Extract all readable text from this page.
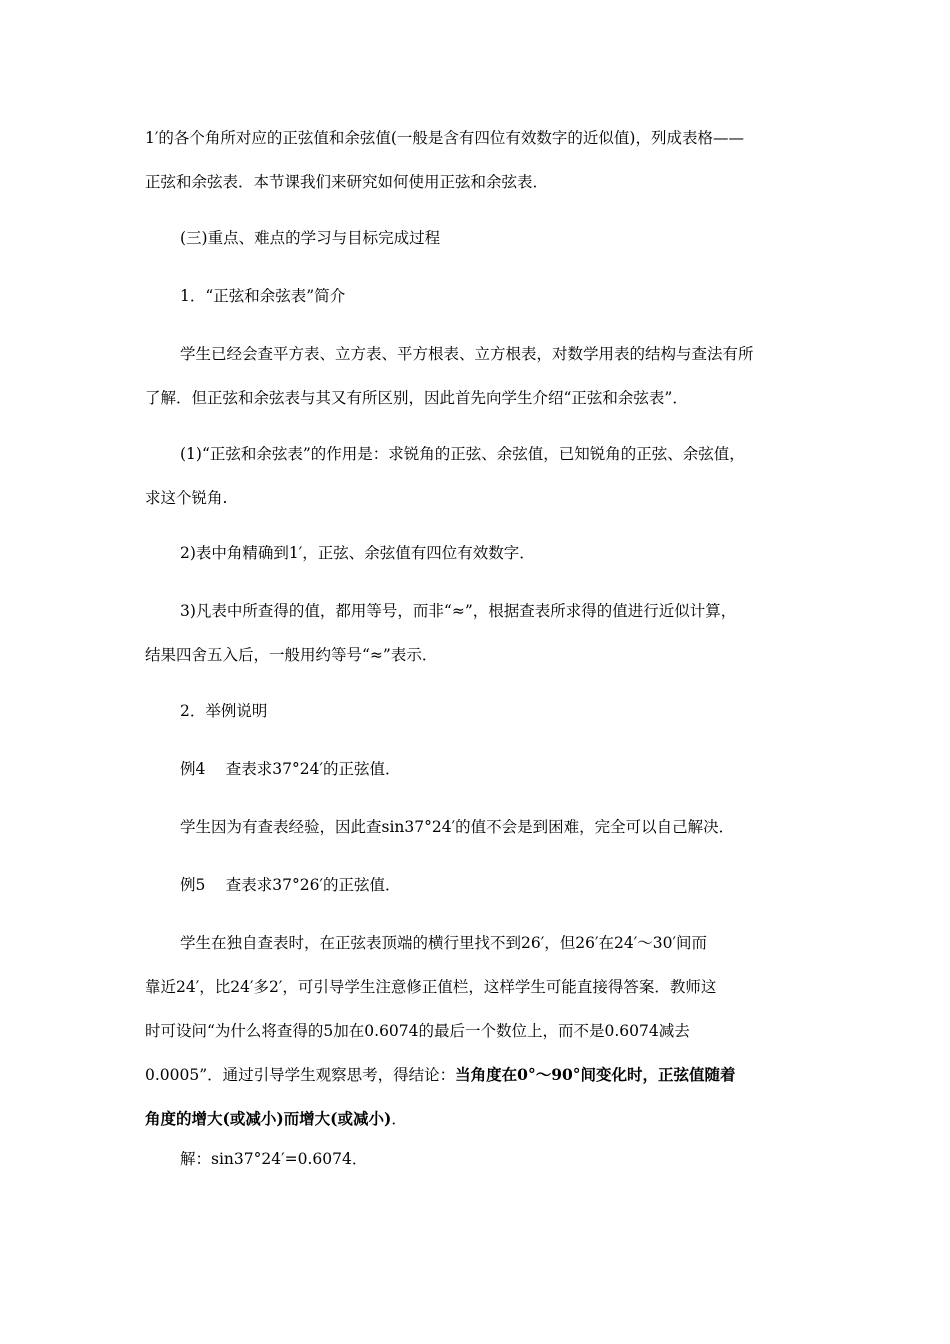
1′的各个角所对应的正弦值和余弦值(一般是含有四位有效数字的近似值)，列成表格——
正弦和余弦表．本节课我们来研究如何使用正弦和余弦表．

(三)重点、难点的学习与目标完成过程

1．“正弦和余弦表”简介

学生已经会查平方表、立方表、平方根表、立方根表，对数学用表的结构与查法有所
了解．但正弦和余弦表与其又有所区别，因此首先向学生介绍“正弦和余弦表”．

(1)“正弦和余弦表”的作用是：求锐角的正弦、余弦值，已知锐角的正弦、余弦值，
求这个锐角.

2)表中角精确到1′，正弦、余弦值有四位有效数字．

3)凡表中所查得的值，都用等号，而非“≈”，根据查表所求得的值进行近似计算，
结果四舍五入后，一般用约等号“≈”表示．

2．举例说明

例4　 查表求37°24′的正弦值．

学生因为有查表经验，因此查sin37°24′的值不会是到困难，完全可以自己解决．

例5　 查表求37°26′的正弦值．

学生在独自查表时，在正弦表顶端的横行里找不到26′，但26′在24′～30′间而
靠近24′，比24′多2′，可引导学生注意修正值栏，这样学生可能直接得答案．教师这
时可设问“为什么将查得的5加在0.6074的最后一个数位上，而不是0.6074减去
0.0005”．通过引导学生观察思考，得结论：当角度在0°～90°间变化时，正弦值随着
角度的增大(或减小)而增大(或减小)．

解：sin37°24′=0.6074．
